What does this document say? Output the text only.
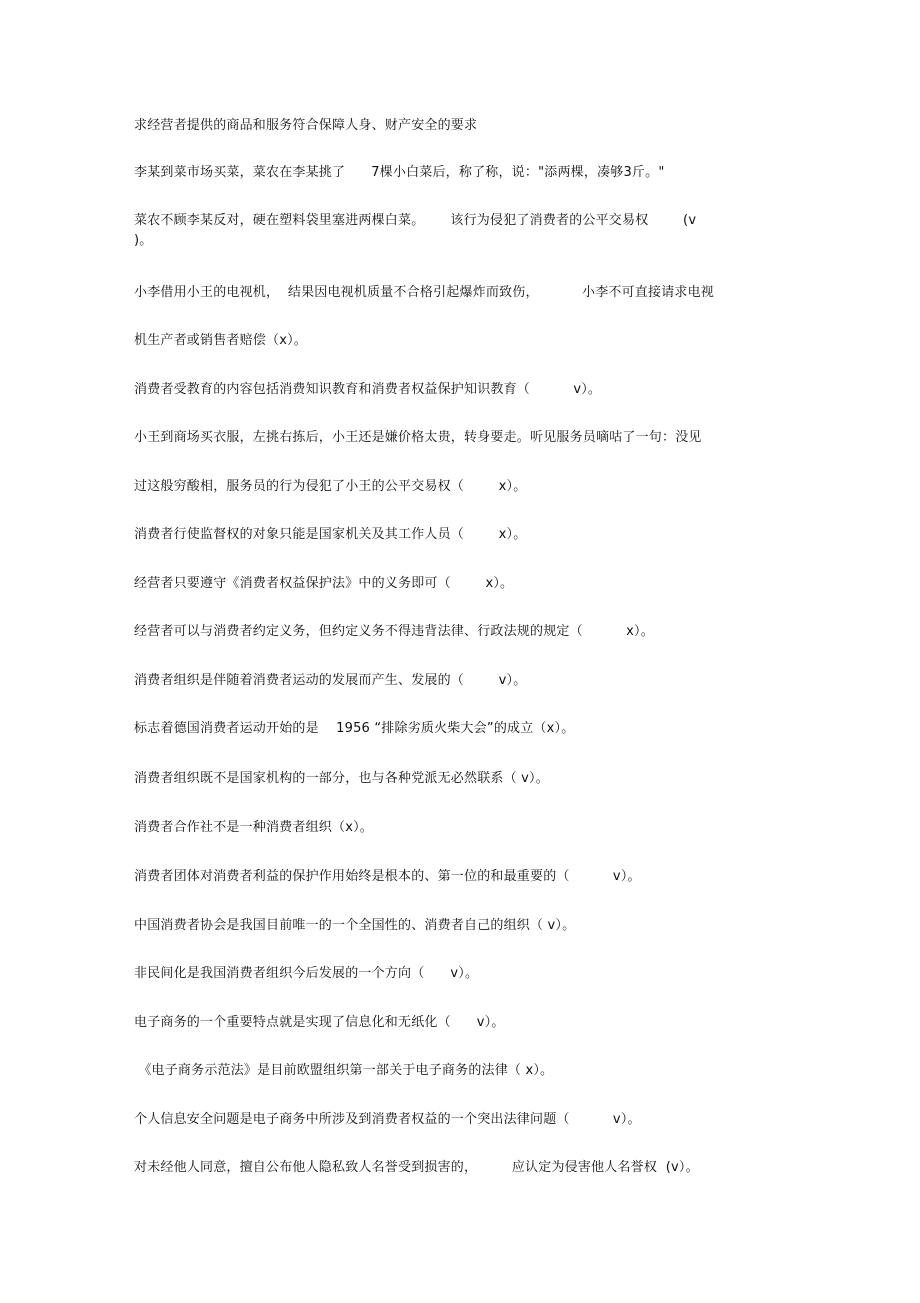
求经营者提供的商品和服务符合保障人身、财产安全的要求
李某到菜市场买菜，菜农在李某挑了      7棵小白菜后，称了称，说："添两棵，凑够3斤。"
菜农不顾李某反对，硬在塑料袋里塞进两棵白菜。      该行为侵犯了消费者的公平交易权        (v
)。
小李借用小王的电视机，  结果因电视机质量不合格引起爆炸而致伤，          小李不可直接请求电视
机生产者或销售者赔偿（x）。
消费者受教育的内容包括消费知识教育和消费者权益保护知识教育（          v）。
小王到商场买衣服，左挑右拣后，小王还是嫌价格太贵，转身要走。听见服务员嘀咕了一句：没见
过这般穷酸相，服务员的行为侵犯了小王的公平交易权（        x）。
消费者行使监督权的对象只能是国家机关及其工作人员（        x）。
经营者只要遵守《消费者权益保护法》中的义务即可（        x）。
经营者可以与消费者约定义务，但约定义务不得违背法律、行政法规的规定（          x）。
消费者组织是伴随着消费者运动的发展而产生、发展的（        v）。
标志着德国消费者运动开始的是    1956 “排除劣质火柴大会”的成立（x）。
消费者组织既不是国家机构的一部分，也与各种党派无必然联系（ v）。
消费者合作社不是一种消费者组织（x）。
消费者团体对消费者利益的保护作用始终是根本的、第一位的和最重要的（          v）。
中国消费者协会是我国目前唯一的一个全国性的、消费者自己的组织（ v）。
非民间化是我国消费者组织今后发展的一个方向（      v）。
电子商务的一个重要特点就是实现了信息化和无纸化（      v）。
《电子商务示范法》是目前欧盟组织第一部关于电子商务的法律（ x）。
个人信息安全问题是电子商务中所涉及到消费者权益的一个突出法律问题（          v）。
对未经他人同意，擅自公布他人隐私致人名誉受到损害的，        应认定为侵害他人名誉权  (v）。
